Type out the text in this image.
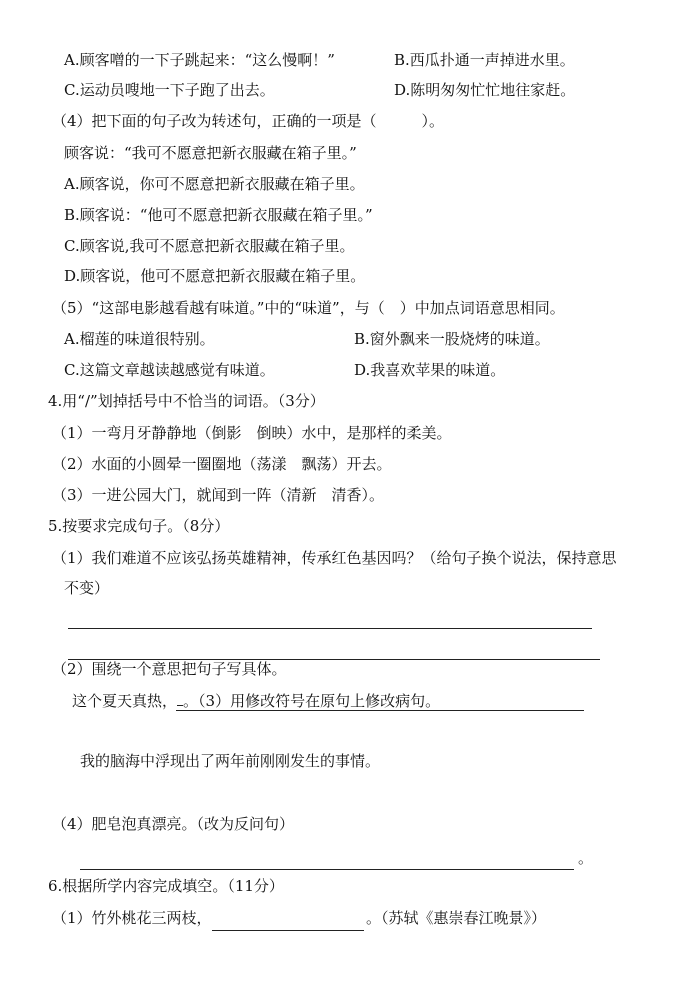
A.顾客噌的一下子跳起来：“这么慢啊！”	B.西瓜扑通一声掉进水里。
C.运动员嗖地一下子跑了出去。	D.陈明匆匆忙忙地往家赶。
（4）把下面的句子改为转述句，正确的一项是（　　　）。
顾客说：“我可不愿意把新衣服藏在箱子里。”
A.顾客说，你可不愿意把新衣服藏在箱子里。
B.顾客说：“他可不愿意把新衣服藏在箱子里。”
C.顾客说,我可不愿意把新衣服藏在箱子里。
D.顾客说，他可不愿意把新衣服藏在箱子里。
（5）“这部电影越看越有味道。”中的“味道”，与（　）中加点词语意思相同。
A.榴莲的味道很特别。	B.窗外飘来一股烧烤的味道。
C.这篇文章越读越感觉有味道。	D.我喜欢苹果的味道。
4.用“/”划掉括号中不恰当的词语。（3分）
（1）一弯月牙静静地（倒影　倒映）水中，是那样的柔美。
（2）水面的小圆晕一圈圈地（荡漾　飘荡）开去。
（3）一进公园大门，就闻到一阵（清新　清香）。
5.按要求完成句子。（8分）
（1）我们难道不应该弘扬英雄精神，传承红色基因吗？（给句子换个说法，保持意思
不变）
（2）围绕一个意思把句子写具体。
这个夏天真热， 。（3）用修改符号在原句上修改病句。
我的脑海中浮现出了两年前刚刚发生的事情。
（4）肥皂泡真漂亮。（改为反问句）
。
6.根据所学内容完成填空。（11分）
（1）竹外桃花三两枝，	。（苏轼《惠崇春江晚景》）
